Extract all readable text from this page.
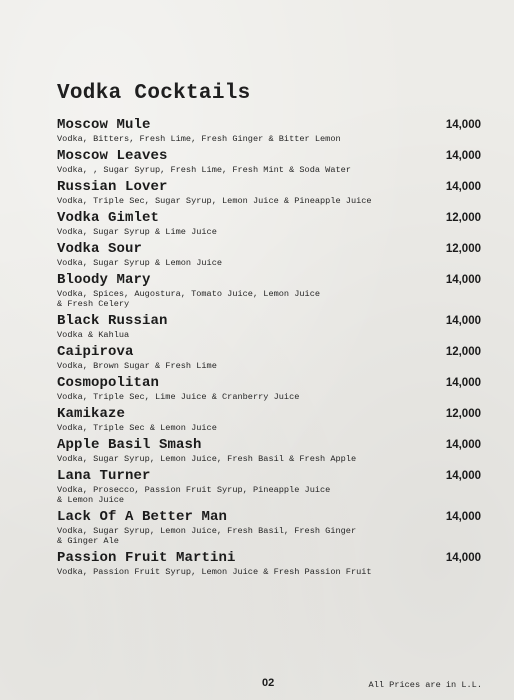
Vodka Cocktails
Moscow Mule	14,000
Vodka, Bitters, Fresh Lime, Fresh Ginger & Bitter Lemon
Moscow Leaves	14,000
Vodka, , Sugar Syrup, Fresh Lime, Fresh Mint & Soda Water
Russian Lover	14,000
Vodka, Triple Sec, Sugar Syrup, Lemon Juice & Pineapple Juice
Vodka Gimlet	12,000
Vodka, Sugar Syrup & Lime Juice
Vodka Sour	12,000
Vodka, Sugar Syrup & Lemon Juice
Bloody Mary	14,000
Vodka, Spices, Augostura, Tomato Juice, Lemon Juice
& Fresh Celery
Black Russian	14,000
Vodka & Kahlua
Caipirova	12,000
Vodka, Brown Sugar & Fresh Lime
Cosmopolitan	14,000
Vodka, Triple Sec, Lime Juice & Cranberry Juice
Kamikaze	12,000
Vodka, Triple Sec & Lemon Juice
Apple Basil Smash	14,000
Vodka, Sugar Syrup, Lemon Juice, Fresh Basil & Fresh Apple
Lana Turner	14,000
Vodka, Prosecco, Passion Fruit Syrup, Pineapple Juice
& Lemon Juice
Lack Of A Better Man	14,000
Vodka, Sugar Syrup, Lemon Juice, Fresh Basil, Fresh Ginger
& Ginger Ale
Passion Fruit Martini	14,000
Vodka, Passion Fruit Syrup, Lemon Juice & Fresh Passion Fruit
02	All Prices are in L.L.
